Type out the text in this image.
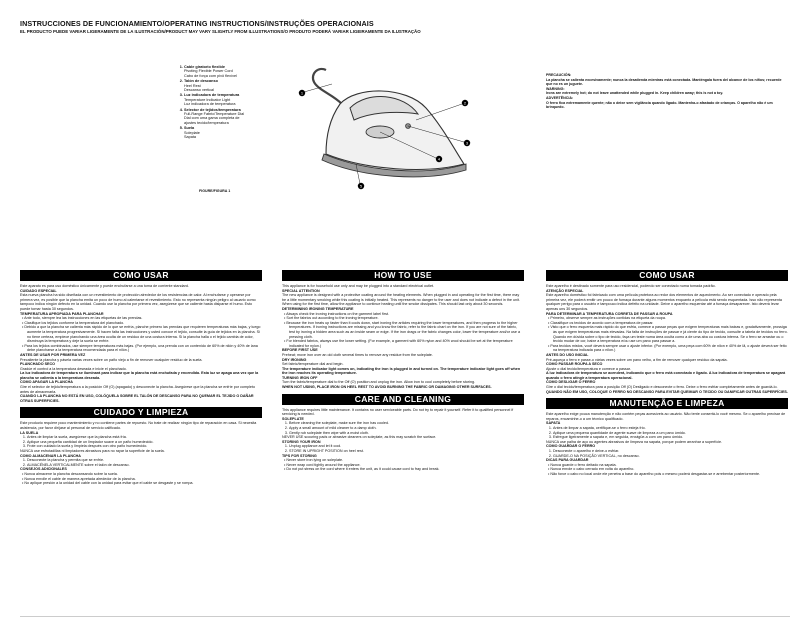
INSTRUCCIONES DE FUNCIONAMIENTO/OPERATING INSTRUCTIONS/INSTRUÇÕES OPERACIONAIS
EL PRODUCTO PUEDE VARIAR LIGERAMENTE DE LA ILUSTRACIÓN/PRODUCT MAY VARY SLIGHTLY FROM ILLUSTRATIONS/O PRODUTO PODERÁ VARIAR LIGEIRAMENTE DA ILUSTRAÇÃO
1. Cable giratorio flexible
Pivoting Flexible Power Cord
Cabo de força com pivô flexível
2. Talón de descanso
Heel Rest
Descanso vertical
3. Luz indicadora de temperatura
Temperature Indicator Light
Luz indicadora de temperatura
4. Selector de tejidos/temperatura
Full-Range Fabric/Temperature Dial
Dial com uma gama completa de
ajustes tecido/temperatura
5. Suela
Soleplate
Sapata
1
2
3
4
5
FIGURE/FIGURA 1

PRECAUCIÓN:

La plancha se calienta excesivamente; nunca la desatienda mientras está conectada. Manténgala fuera del alcance de los niños; recuerde que no es un juguete.

WARNING:

Irons are extremely hot; do not leave unattended while plugged in. Keep children away; this is not a toy.

ADVERTÊNCIA:

O ferro fica extremamente quente; não o deixe sem vigilância quando ligado. Mantenha-o afastado de crianças. O aparelho não é um brinquedo.

COMO USAR

Este aparato es para uso doméstico únicamente y puede enchufarse a una toma de corriente standard.

CUIDADO ESPECIAL

Esta nueva plancha ha sido diseñada con un revestimiento de protección alrededor de los resistencias de calor. Al enchufarse y operarse por primera vez, es posible que la plancha emita un poco de humo al calentarse el revestimiento. Esto no representa ningún peligro al usuario como tampoco indica ningún defecto en la unidad. Cuando use la plancha por primera vez, asegúrese que se caliente hasta disiparse el humo. Esto puede tomar hasta 30 segundos.

TEMPERATURA APROPIADA PARA PLANCHAR

• Ante todo, siempre lea las instrucciones en las etiquetas de las prendas.
• Clasifique los tejidos conforme la temperatura del planchado.
• Debido a que la plancha se calienta más rápido de lo que se enfría, planche primero las prendas que requieren temperaturas más bajas, y luego aumente la temperatura progresivamente. Si hacen falta las instrucciones y usted conoce el tejido, consulte la guía de tejidos en la plancha. Si no tiene certeza, empiece planchando una área oculta de un residuo de una costura interna. Si la plancha halla o el tejido cambia de color, disminuya la temperatura y deje la suela se enfríe.
• Para los tejidos combinados, use siempre temperaturas más bajas. (Por ejemplo, una prenda con un contenido de 60% de nilón y 40% de lana debe plancharse a la temperatura recomendada para el nilón.)

ANTES DE USAR POR PRIMERA VEZ

Precaliente la plancha y pásela varias veces sobre un paño viejo a fin de remover cualquier residuo de la suela.

PLANCHADO SECO

Gradúe el control a la temperatura deseada e inicie el planchado.

La luz indicadora de temperatura se iluminará para indicar que la plancha está enchufada y encendida. Esta luz se apaga una vez que la plancha se calienta a la temperatura deseada.

COMO APAGAR LA PLANCHA

Gire el selector de tejido/temperatura a la posición Off (O) (apagado) y desconecte la plancha. Asegúrese que la plancha se enfríe por completo antes de almacenarla.

CUANDO LA PLANCHA NO ESTÁ EN USO, COLÓQUELA SOBRE EL TALÓN DE DESCANSO PARA NO QUEMAR EL TEJIDO O DAÑAR OTRAS SUPERFICIES.

CUIDADO Y LIMPIEZA

Este producto requiere poco mantenimiento y no contiene partes de repuesto. No trate de realizar ningún tipo de reparación en casa. Si necesita asistencia, por favor diríjase al personal de servicio calificado.

LA SUELA

1. Antes de limpiar la suela, asegúrese que la plancha está fría.
2. Aplique una pequeña cantidad de un limpiador suave a un paño humedecido.
3. Frote con cuidado la suela y limpiela después con otro paño humedecido.

NUNCA use esfrotadillas ni limpiadores abrasivos para no rayar la superficie de la suela.

COMO ALMACENAR LA PLANCHA

1. Desconecte la plancha y permita que se enfríe.
2. ALMACÉNELA VERTICALMENTE sobre el talón de descanso.

CONSEJOS ADICIONALES

• Nunca almacene la plancha descansando sobre la suela.
• Nunca enrolle el cable de manera apretada alrededor de la plancha.
• No aplique presión a la unidad del cable con la unidad para evitar que el cable se desgaste y se rompa.
HOW TO USE

This appliance is for household use only and may be plugged into a standard electrical outlet.

SPECIAL ATTENTION

The new appliance is designed with a protective coating around the heating elements. When plugged in and operating for the first time, there may be a little momentary smoking while this coating is initially heated. This represents no danger to the user and does not indicate a defect in the unit. When using for the first time, allow the appliance to continue heating until the smoke dissipates. This should last only about 30 seconds.

DETERMINING IRONING TEMPERATURE

• Always check the ironing instructions on the garment label first.
• Sort the fabrics out according to the ironing temperature.
• Because the iron heats up faster than it cools down, start ironing the articles requiring the lower temperatures, and then progress to the higher temperatures. If ironing instructions are missing and you know the fabric, refer to the fabric chart on the iron. If you are not sure of the fabric, test by ironing a hidden area such as an inside seam or edge. If the iron drags or the fabric changes color, lower the temperature and/or use a pressing cloth.
• For blended fabrics, always use the lower setting. (For example, a garment with 60% nylon and 40% wool should be set at the temperature indicated for nylon.)

BEFORE FIRST USE

Preheat; move iron over an old cloth several times to remove any residue from the soleplate.

DRY IRONING

Set fabric/temperature dial and begin.

The temperature indicator light comes on, indicating the iron is plugged in and turned on. The temperature indicator light goes off when the iron reaches its operating temperature.

TURNING IRON OFF

Turn the fabric/temperature dial to the Off (O) position and unplug the iron. Allow iron to cool completely before storing.

WHEN NOT USING, PLACE IRON ON HEEL REST TO AVOID BURNING THE FABRIC OR DAMAGING OTHER SURFACES.

CARE AND CLEANING

This appliance requires little maintenance. It contains no user serviceable parts. Do not try to repair it yourself. Refer it to qualified personnel if servicing is needed.

SOLEPLATE

1. Before cleaning the soleplate, make sure the iron has cooled.
2. Apply a small amount of mild cleaner to a damp cloth.
3. Gently rub soleplate then wipe with a moist cloth.

NEVER USE scouring pads or abrasive cleaners on soleplate, as this may scratch the surface.

STORING YOUR IRON

1. Unplug appliance and let it cool.
2. STORE IN UPRIGHT POSITION on heel rest.

TIPS FOR STORING

• Never store iron lying on soleplate.
• Never wrap cord tightly around the appliance.
• Do not put stress on the cord where it enters the unit, as it could cause cord to fray and break.
COMO USAR

Este aparelho é destinado somente para uso residencial, podendo ser conectado numa tomada padrão.

ATENÇÃO ESPECIAL

Este aparelho doméstico foi fabricado com uma película protetora ao redor dos elementos de aquecimento. Ao ser conectado e operado pela primeira vez, ele poderá emitir um pouco de fumaça durante alguns momentos enquanto a película está sendo esquentada. Isso não representa qualquer perigo para o usuário e tampouco indica defeito na unidade. Deixe o aparelho esquentar até a fumaça desaparecer. Isto deverá levar apenas uns 30 segundos.

PARA DETERMINAR A TEMPERATURA CORRETA DE PASSAR A ROUPA

• Primeiro, observe sempre as instruções contidas na etiqueta da roupa.
• Classifique os tecidos de acordo com a temperatura de passar.
• Visto que o ferro esquenta mais rápido do que esfria, comece a passar peças que exigem temperaturas mais baixas e, gradativamente, prossiga às que exigem temperaturas mais elevadas. Na falta de instruções de passar e já ciente do tipo de tecido, consulte a tabela de tecidos no ferro. Quando em dúvida sobre o tipo de tecido, faça um teste numa área oculta como a de uma aba ou costura interna. Se o ferro se arrastar ou o tecido mudar de cor, baixe a temperatura e/ou use um pano para passar a.
• Para tecidos mistos, você deverá sempre usar o ajuste inferior. (Por exemplo, uma peça com 60% de nilon e 40% de lã, o ajuste deverá ser feito na temperatura indicada para o nilon.)

ANTES DO USO INICIAL

Pré-aqueça o ferro e passe-o várias vezes sobre um pano velho, a fim de remover qualquer resíduo da sapata.

COMO PASSAR ROUPA A SECO

Ajuste o dial tecido/temperatura e comece a passar.

A luz indicadora de temperatura se acenderá, indicando que o ferro está conectado e ligado. A luz indicadora de temperatura se apagará quando o ferro atingir a temperatura operacional.

COMO DESLIGAR O FERRO

Gire o dial tecido/temperatura para a posição Off (O) Desligado e desconecte o ferro. Deixe o ferro esfriar completamente antes de guardá-lo.

QUANDO NÃO EM USO, COLOQUE O FERRO NO DESCANSO PARA EVITAR QUEIMAR O TECIDO OU DANIFICAR OUTRAS SUPERFÍCIES.

MANUTENÇÃO E LIMPEZA

Este aparelho exige pouca manutenção e não contém peças acessíveis ao usuário. Não tente consertá-lo você mesmo. Se o aparelho precisar de reparos, encaminhe-o a um técnico qualificado.

SAPATA

1. Antes de limpar a sapata, certifique-se o ferro esteja frio.
2. Aplique uma pequena quantidade de agente suave de limpeza a um pano úmido.
3. Esfregue ligeiramente a sapata e, em seguida, enxágüe-a com um pano úmido.

NUNCA use palha de aço ou agentes abrasivos de limpeza na sapata, porque podem arranhar a superfície.

COMO GUARDAR O FERRO

1. Desconecte o aparelho e deixe-o esfriar.
2. GUARDE-O NA POSIÇÃO VERTICAL, no descanso.

DICAS PARA GUARDAR

• Nunca guarde o ferro deitado na sapata.
• Nunca enrole o cabo cerrado em volta do aparelho.
• Não force o cabo no local onde ele penetra a base do aparelho pois o mesmo poderá desgastar-se e arrebentar posteriormente.
